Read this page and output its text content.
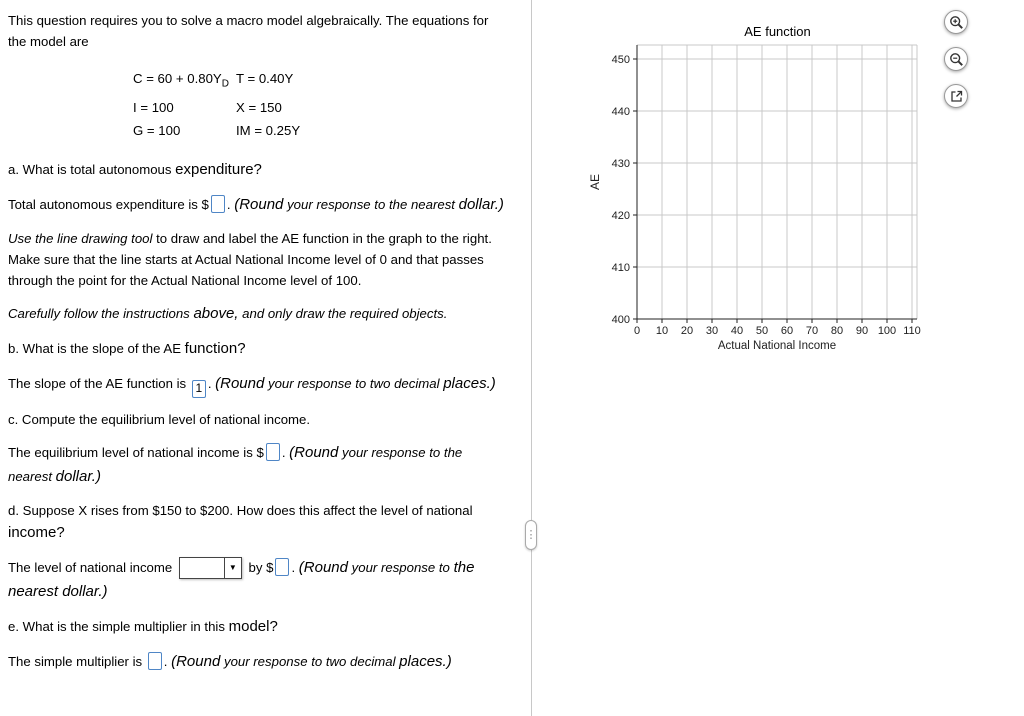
This question requires you to solve a macro model algebraically. The equations for the model are

$C = 60 + 0.80Y_D$ T = 0.40Y
I = 100	X = 150
G = 100	IM = 0.25Y

a. What is total autonomous expenditure?

Total autonomous expenditure is $ . (Round your response to the nearest dollar.)

Use the line drawing tool to draw and label the AE function in the graph to the right. Make sure that the line starts at Actual National Income level of 0 and that passes through the point for the Actual National Income level of 100.

Carefully follow the instructions above, and only draw the required objects.

b. What is the slope of the AE function?

The slope of the AE function is 1 . (Round your response to two decimal places.)

c. Compute the equilibrium level of national income.

The equilibrium level of national income is $ . (Round your response to the nearest dollar.)

d. Suppose X rises from $150 to $200. How does this affect the level of national income?

The level of national income	▼ by $ . (Round your response to the nearest dollar.)

e. What is the simple multiplier in this model?

The simple multiplier is . (Round your response to two decimal places.)

⋮
AE function
0 10 20 30 40 50 60 70 80 90 100 110
400
410
420
430
440
450
AE
Actual National Income
